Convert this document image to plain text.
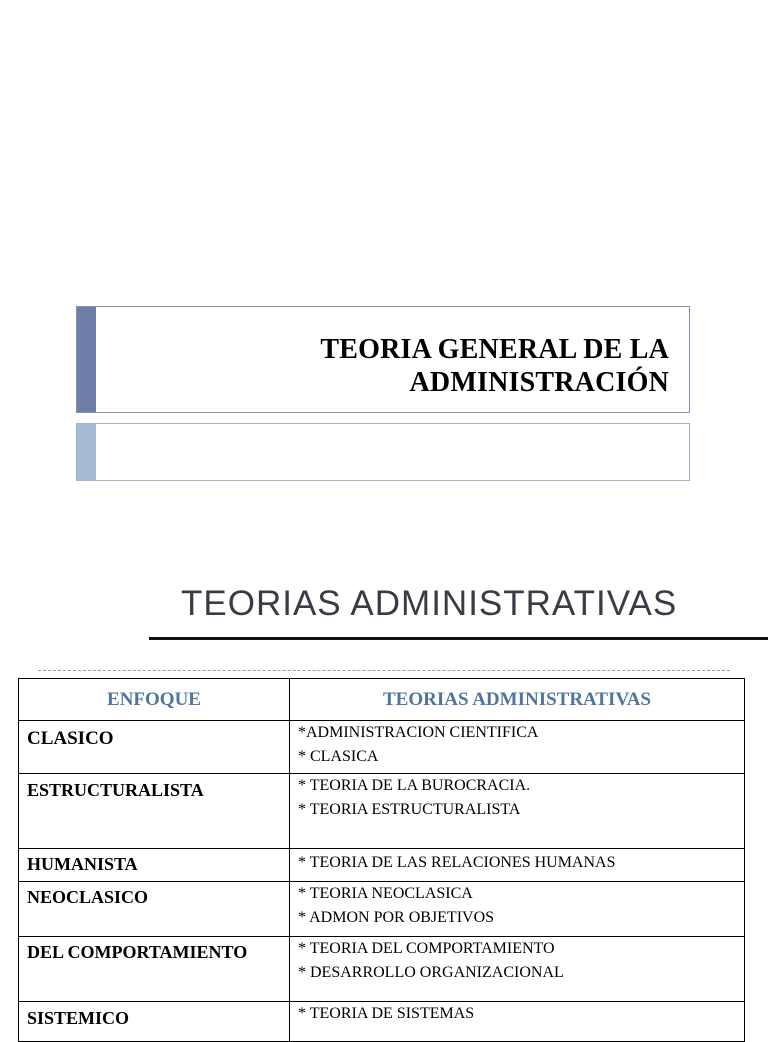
TEORIA GENERAL DE LA
ADMINISTRACIÓN
TEORIAS ADMINISTRATIVAS
ENFOQUE	TEORIAS ADMINISTRATIVAS
CLASICO	*ADMINISTRACION CIENTIFICA
* CLASICA

ESTRUCTURALISTA	* TEORIA DE LA BUROCRACIA.
* TEORIA ESTRUCTURALISTA

HUMANISTA	* TEORIA DE LAS RELACIONES HUMANAS

NEOCLASICO	* TEORIA NEOCLASICA
* ADMON POR OBJETIVOS

DEL COMPORTAMIENTO	* TEORIA DEL COMPORTAMIENTO
* DESARROLLO ORGANIZACIONAL

SISTEMICO	* TEORIA DE SISTEMAS
